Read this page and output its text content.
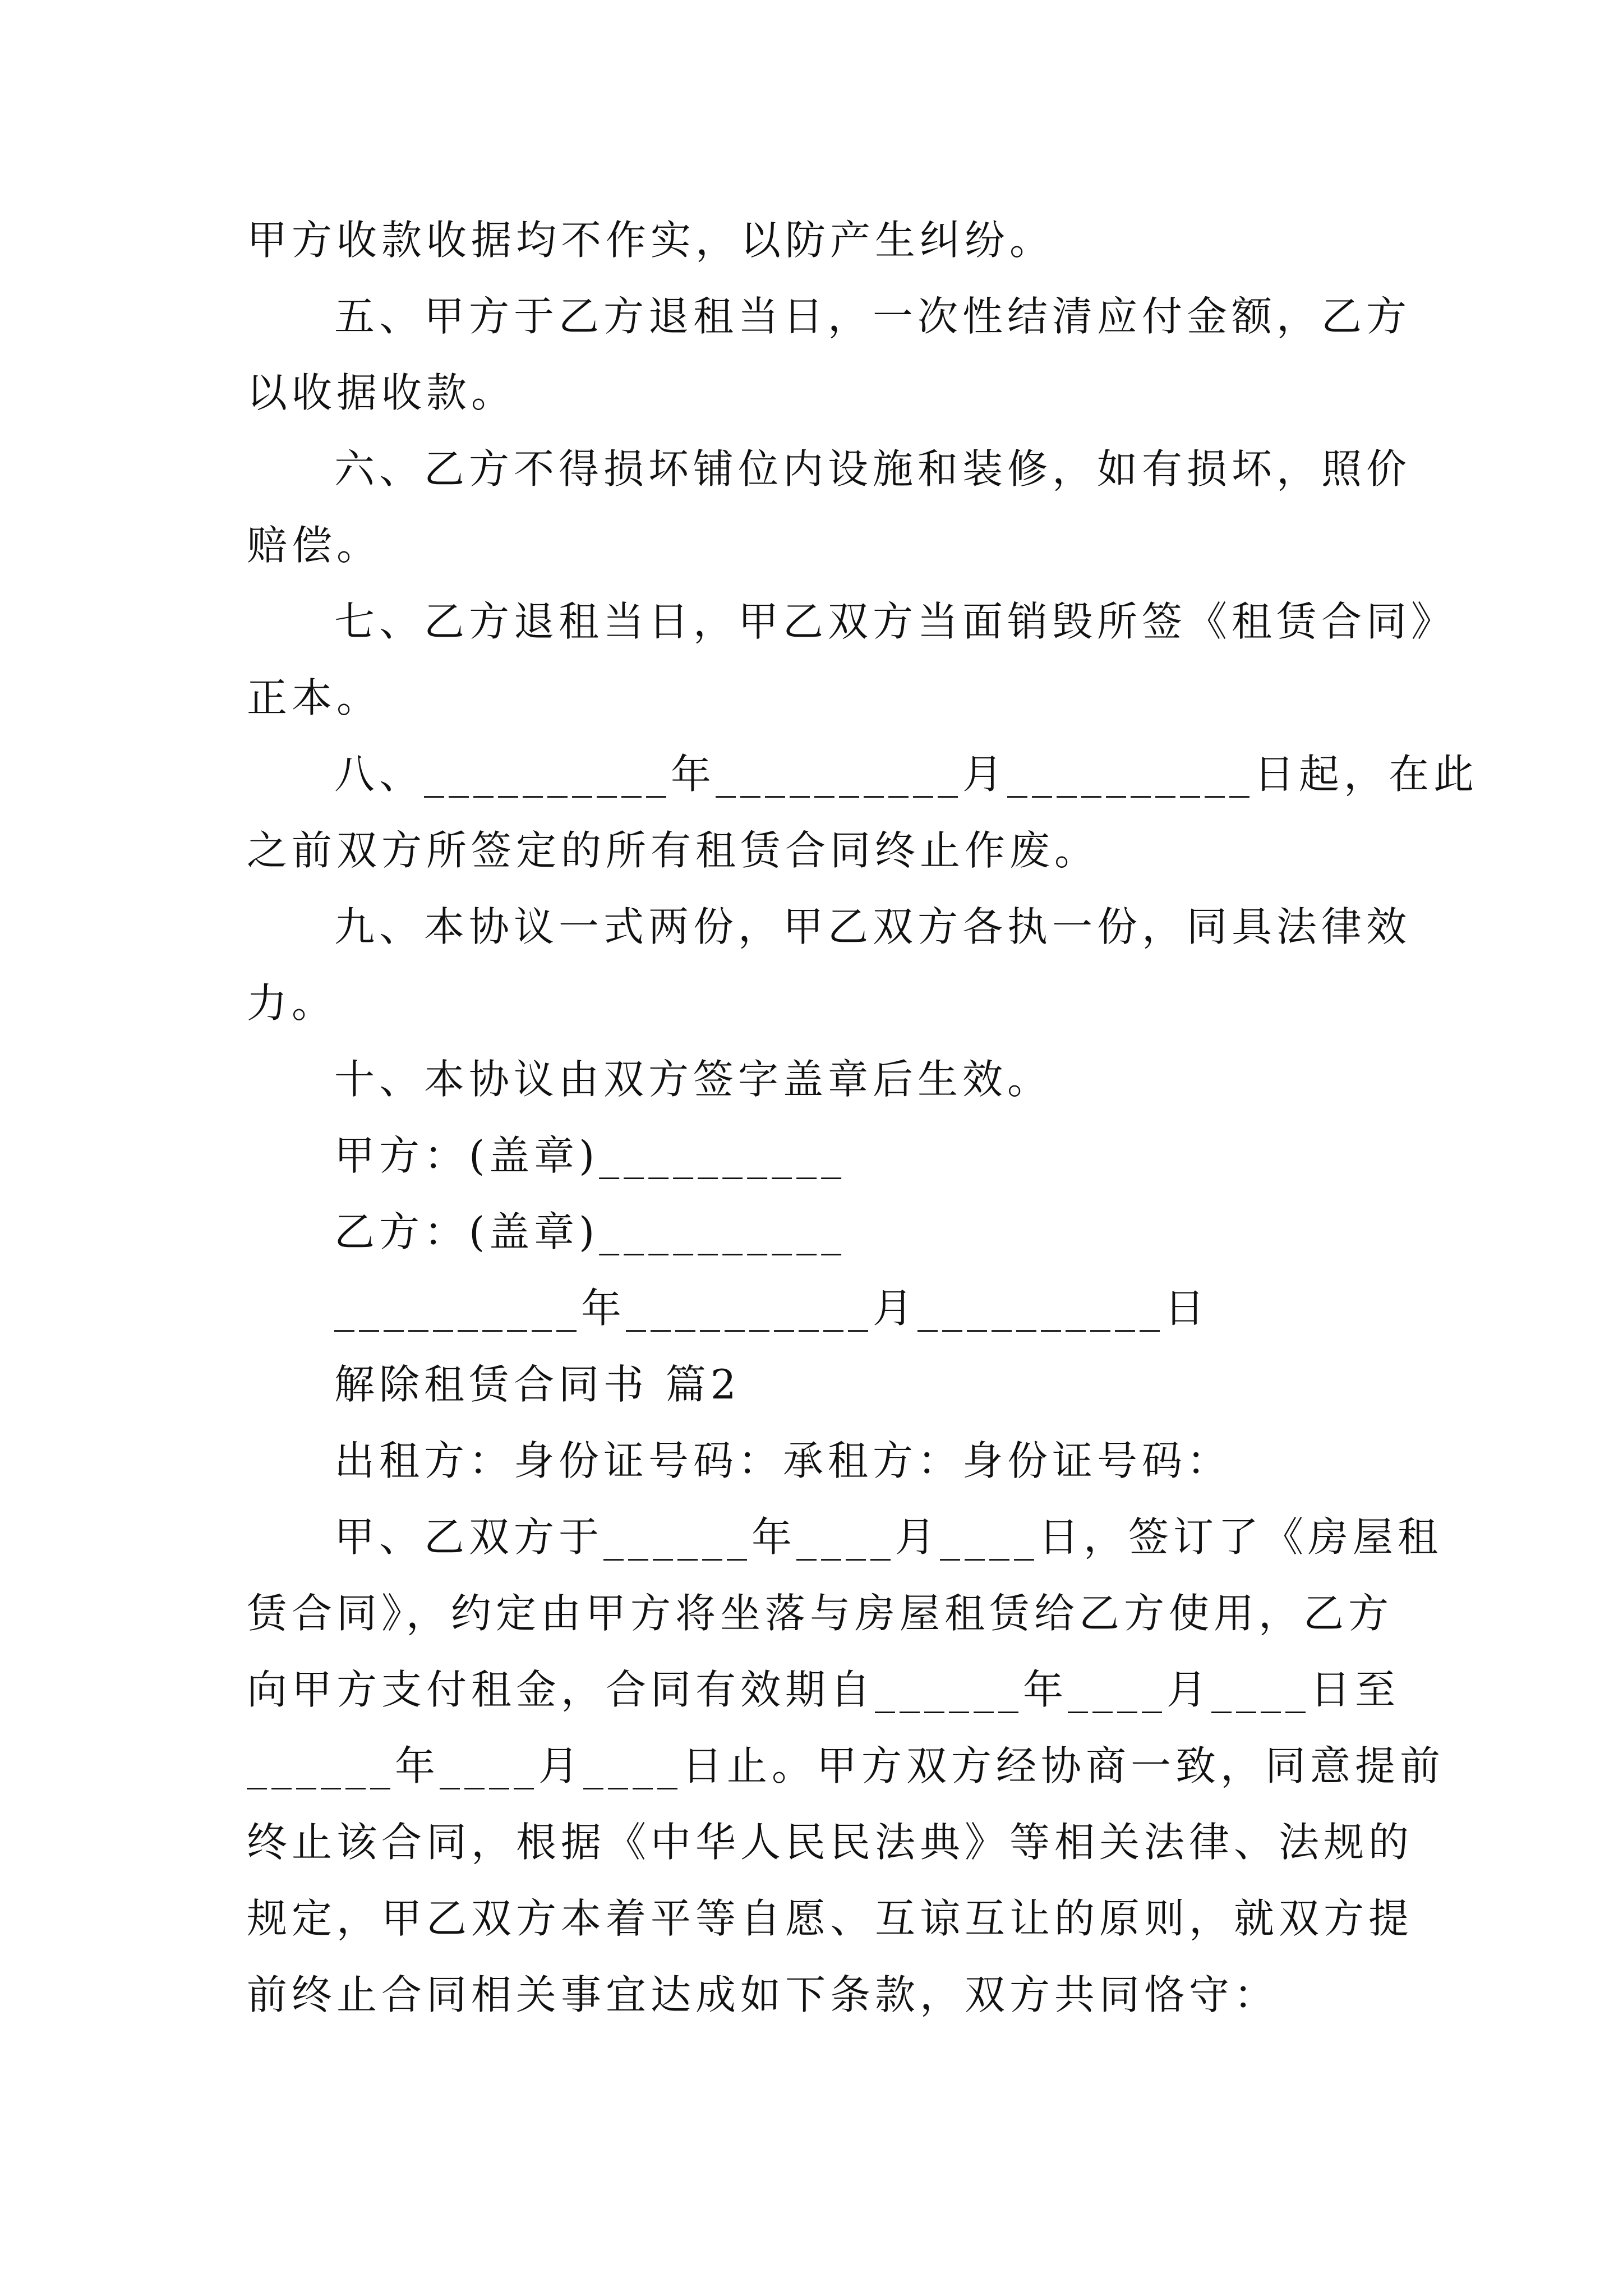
甲方收款收据均不作实，以防产生纠纷。

五、甲方于乙方退租当日，一次性结清应付金额，乙方

以收据收款。

六、乙方不得损坏铺位内设施和装修，如有损坏，照价

赔偿。

七、乙方退租当日，甲乙双方当面销毁所签《租赁合同》

正本。

八、__________年__________月__________日起，在此

之前双方所签定的所有租赁合同终止作废。

九、本协议一式两份，甲乙双方各执一份，同具法律效

力。

十、本协议由双方签字盖章后生效。

甲方：(盖章)__________

乙方：(盖章)__________

__________年__________月__________日

解除租赁合同书 篇2

出租方：身份证号码：承租方：身份证号码：

甲、乙双方于______年____月____日，签订了《房屋租

赁合同》，约定由甲方将坐落与房屋租赁给乙方使用，乙方

向甲方支付租金，合同有效期自______年____月____日至

______年____月____日止。甲方双方经协商一致，同意提前

终止该合同，根据《中华人民民法典》等相关法律、法规的

规定，甲乙双方本着平等自愿、互谅互让的原则，就双方提

前终止合同相关事宜达成如下条款，双方共同恪守：
